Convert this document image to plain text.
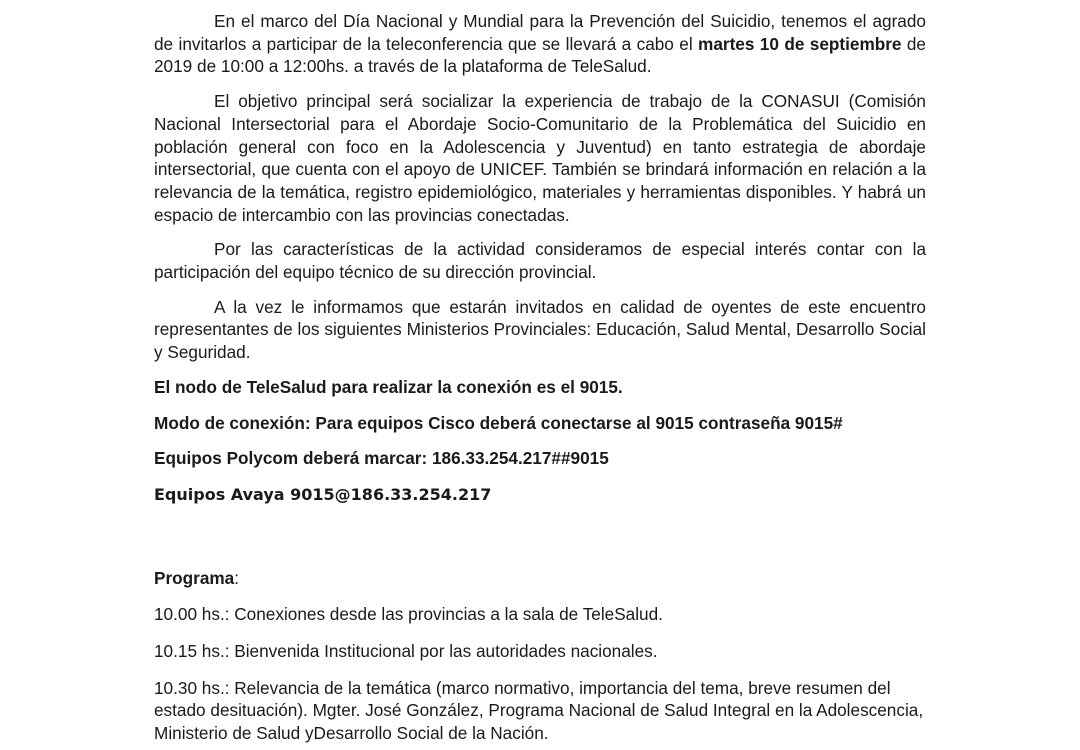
En el marco del Día Nacional y Mundial para la Prevención del Suicidio, tenemos el agrado de invitarlos a participar de la teleconferencia que se llevará a cabo el martes 10 de septiembre de 2019 de 10:00 a 12:00hs. a través de la plataforma de TeleSalud.

El objetivo principal será socializar la experiencia de trabajo de la CONASUI (Comisión Nacional Intersectorial para el Abordaje Socio-Comunitario de la Problemática del Suicidio en población general con foco en la Adolescencia y Juventud) en tanto estrategia de abordaje intersectorial, que cuenta con el apoyo de UNICEF. También se brindará información en relación a la relevancia de la temática, registro epidemiológico, materiales y herramientas disponibles. Y habrá un espacio de intercambio con las provincias conectadas.

Por las características de la actividad consideramos de especial interés contar con la participación del equipo técnico de su dirección provincial.

A la vez le informamos que estarán invitados en calidad de oyentes de este encuentro representantes de los siguientes Ministerios Provinciales: Educación, Salud Mental, Desarrollo Social y Seguridad.

El nodo de TeleSalud para realizar la conexión es el 9015.

Modo de conexión: Para equipos Cisco deberá conectarse al 9015 contraseña 9015#

Equipos Polycom deberá marcar: 186.33.254.217##9015

Equipos Avaya 9015@186.33.254.217

Programa:

10.00 hs.: Conexiones desde las provincias a la sala de TeleSalud.

10.15 hs.: Bienvenida Institucional por las autoridades nacionales.

10.30 hs.: Relevancia de la temática (marco normativo, importancia del tema, breve resumen del estado desituación). Mgter. José González, Programa Nacional de Salud Integral en la Adolescencia, Ministerio de Salud yDesarrollo Social de la Nación.
